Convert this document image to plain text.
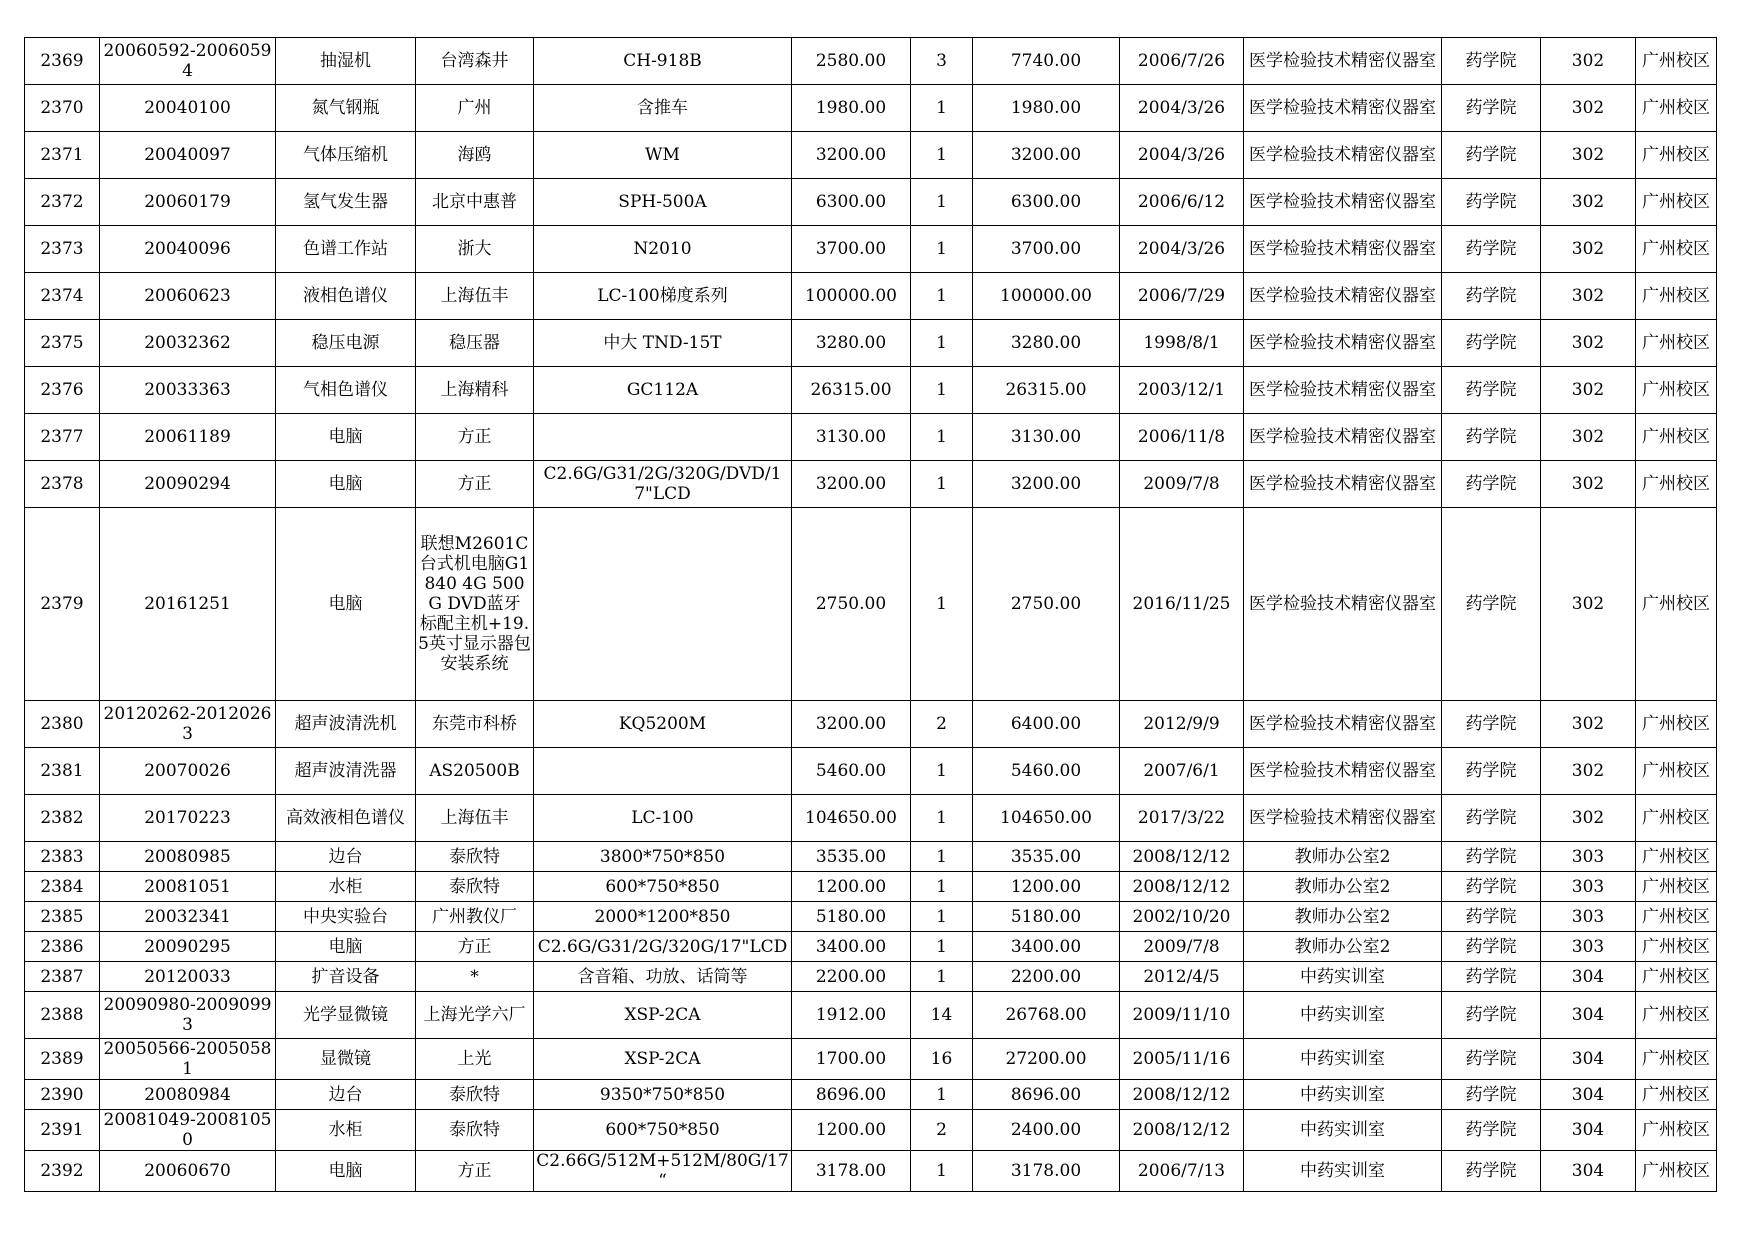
2369	20060592-20060594	抽湿机	台湾森井	CH-918B	2580.00	3	7740.00	2006/7/26	医学检验技术精密仪器室	药学院	302	广州校区
2370	20040100	氮气钢瓶	广州	含推车	1980.00	1	1980.00	2004/3/26	医学检验技术精密仪器室	药学院	302	广州校区
2371	20040097	气体压缩机	海鸥	WM	3200.00	1	3200.00	2004/3/26	医学检验技术精密仪器室	药学院	302	广州校区
2372	20060179	氢气发生器	北京中惠普	SPH-500A	6300.00	1	6300.00	2006/6/12	医学检验技术精密仪器室	药学院	302	广州校区
2373	20040096	色谱工作站	浙大	N2010	3700.00	1	3700.00	2004/3/26	医学检验技术精密仪器室	药学院	302	广州校区
2374	20060623	液相色谱仪	上海伍丰	LC-100梯度系列	100000.00	1	100000.00	2006/7/29	医学检验技术精密仪器室	药学院	302	广州校区
2375	20032362	稳压电源	稳压器	中大 TND-15T	3280.00	1	3280.00	1998/8/1	医学检验技术精密仪器室	药学院	302	广州校区
2376	20033363	气相色谱仪	上海精科	GC112A	26315.00	1	26315.00	2003/12/1	医学检验技术精密仪器室	药学院	302	广州校区
2377	20061189	电脑	方正		3130.00	1	3130.00	2006/11/8	医学检验技术精密仪器室	药学院	302	广州校区
2378	20090294	电脑	方正	C2.6G/G31/2G/320G/DVD/17"LCD	3200.00	1	3200.00	2009/7/8	医学检验技术精密仪器室	药学院	302	广州校区
2379	20161251	电脑	联想M2601C台式机电脑G1840 4G 500G DVD蓝牙 标配主机+19.5英寸显示器包安装系统		2750.00	1	2750.00	2016/11/25	医学检验技术精密仪器室	药学院	302	广州校区
2380	20120262-20120263	超声波清洗机	东莞市科桥	KQ5200M	3200.00	2	6400.00	2012/9/9	医学检验技术精密仪器室	药学院	302	广州校区
2381	20070026	超声波清洗器	AS20500B		5460.00	1	5460.00	2007/6/1	医学检验技术精密仪器室	药学院	302	广州校区
2382	20170223	高效液相色谱仪	上海伍丰	LC-100	104650.00	1	104650.00	2017/3/22	医学检验技术精密仪器室	药学院	302	广州校区
2383	20080985	边台	泰欣特	3800*750*850	3535.00	1	3535.00	2008/12/12	教师办公室2	药学院	303	广州校区
2384	20081051	水柜	泰欣特	600*750*850	1200.00	1	1200.00	2008/12/12	教师办公室2	药学院	303	广州校区
2385	20032341	中央实验台	广州教仪厂	2000*1200*850	5180.00	1	5180.00	2002/10/20	教师办公室2	药学院	303	广州校区
2386	20090295	电脑	方正	C2.6G/G31/2G/320G/17"LCD	3400.00	1	3400.00	2009/7/8	教师办公室2	药学院	303	广州校区
2387	20120033	扩音设备	*	含音箱、功放、话筒等	2200.00	1	2200.00	2012/4/5	中药实训室	药学院	304	广州校区
2388	20090980-20090993	光学显微镜	上海光学六厂	XSP-2CA	1912.00	14	26768.00	2009/11/10	中药实训室	药学院	304	广州校区
2389	20050566-20050581	显微镜	上光	XSP-2CA	1700.00	16	27200.00	2005/11/16	中药实训室	药学院	304	广州校区
2390	20080984	边台	泰欣特	9350*750*850	8696.00	1	8696.00	2008/12/12	中药实训室	药学院	304	广州校区
2391	20081049-20081050	水柜	泰欣特	600*750*850	1200.00	2	2400.00	2008/12/12	中药实训室	药学院	304	广州校区
2392	20060670	电脑	方正	C2.66G/512M+512M/80G/17 “	3178.00	1	3178.00	2006/7/13	中药实训室	药学院	304	广州校区
